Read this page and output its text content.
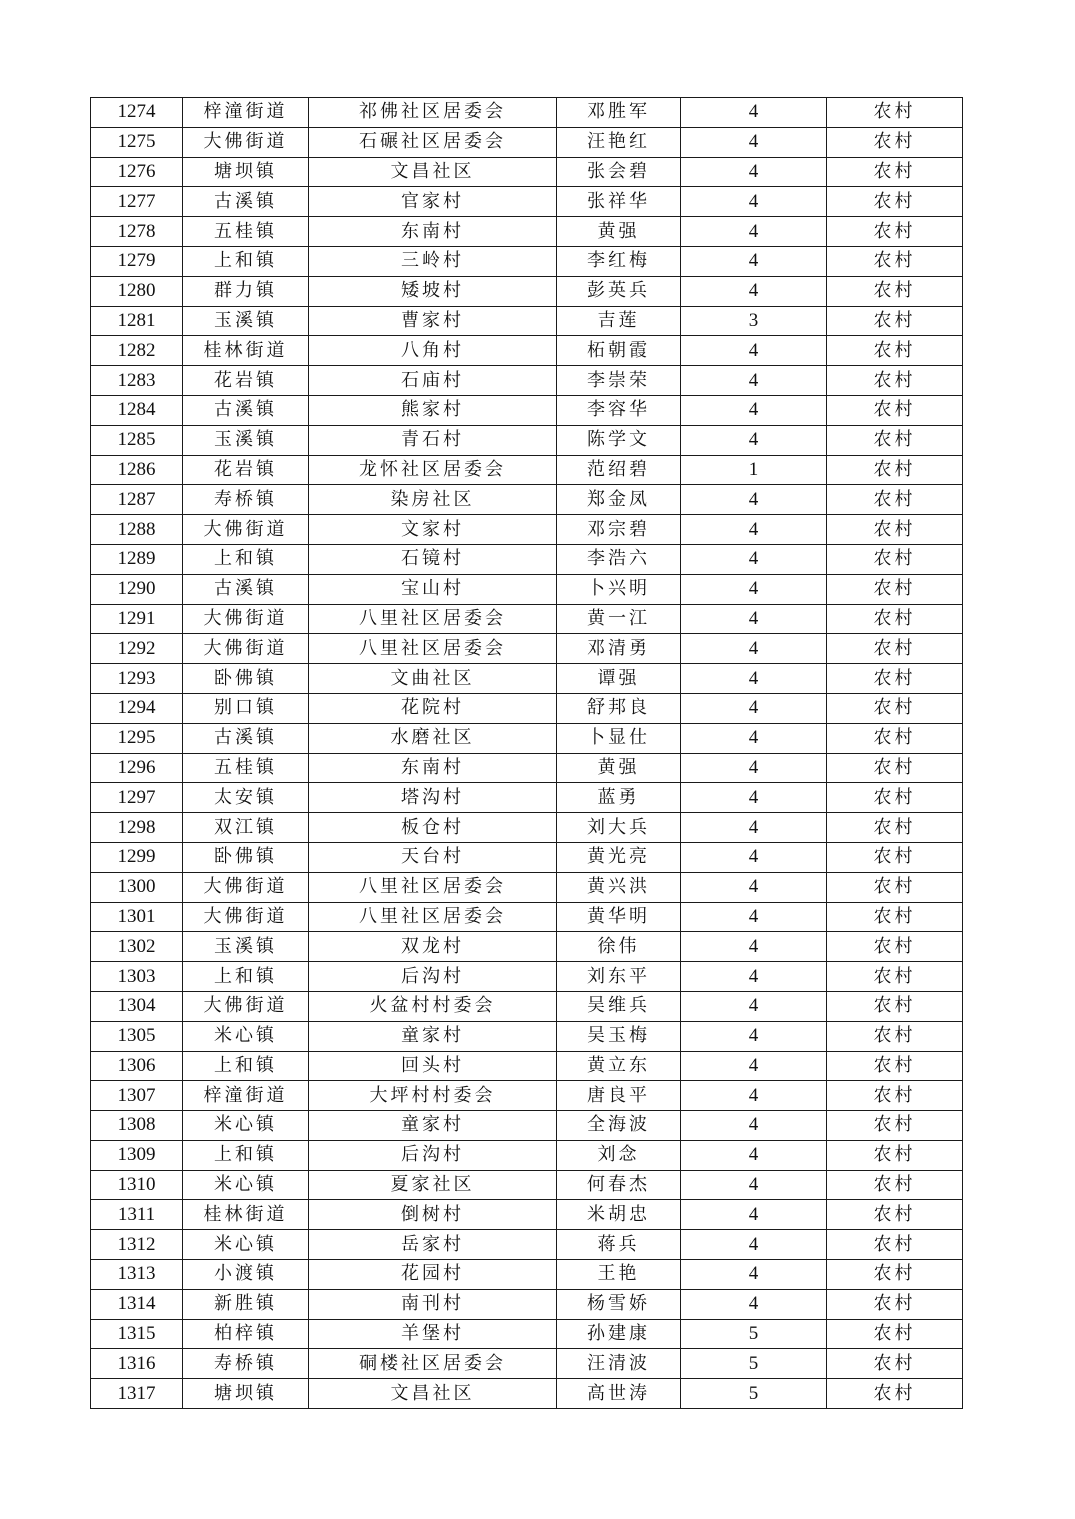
1274	梓潼街道	祁佛社区居委会	邓胜军	4	农村
1275	大佛街道	石碾社区居委会	汪艳红	4	农村
1276	塘坝镇	文昌社区	张会碧	4	农村
1277	古溪镇	官家村	张祥华	4	农村
1278	五桂镇	东南村	黄强	4	农村
1279	上和镇	三岭村	李红梅	4	农村
1280	群力镇	矮坡村	彭英兵	4	农村
1281	玉溪镇	曹家村	吉莲	3	农村
1282	桂林街道	八角村	柘朝霞	4	农村
1283	花岩镇	石庙村	李崇荣	4	农村
1284	古溪镇	熊家村	李容华	4	农村
1285	玉溪镇	青石村	陈学文	4	农村
1286	花岩镇	龙怀社区居委会	范绍碧	1	农村
1287	寿桥镇	染房社区	郑金凤	4	农村
1288	大佛街道	文家村	邓宗碧	4	农村
1289	上和镇	石镜村	李浩六	4	农村
1290	古溪镇	宝山村	卜兴明	4	农村
1291	大佛街道	八里社区居委会	黄一江	4	农村
1292	大佛街道	八里社区居委会	邓清勇	4	农村
1293	卧佛镇	文曲社区	谭强	4	农村
1294	别口镇	花院村	舒邦良	4	农村
1295	古溪镇	水磨社区	卜显仕	4	农村
1296	五桂镇	东南村	黄强	4	农村
1297	太安镇	塔沟村	蓝勇	4	农村
1298	双江镇	板仓村	刘大兵	4	农村
1299	卧佛镇	天台村	黄光亮	4	农村
1300	大佛街道	八里社区居委会	黄兴洪	4	农村
1301	大佛街道	八里社区居委会	黄华明	4	农村
1302	玉溪镇	双龙村	徐伟	4	农村
1303	上和镇	后沟村	刘东平	4	农村
1304	大佛街道	火盆村村委会	吴维兵	4	农村
1305	米心镇	童家村	吴玉梅	4	农村
1306	上和镇	回头村	黄立东	4	农村
1307	梓潼街道	大坪村村委会	唐良平	4	农村
1308	米心镇	童家村	全海波	4	农村
1309	上和镇	后沟村	刘念	4	农村
1310	米心镇	夏家社区	何春杰	4	农村
1311	桂林街道	倒树村	米胡忠	4	农村
1312	米心镇	岳家村	蒋兵	4	农村
1313	小渡镇	花园村	王艳	4	农村
1314	新胜镇	南刊村	杨雪娇	4	农村
1315	柏梓镇	羊堡村	孙建康	5	农村
1316	寿桥镇	硐楼社区居委会	汪清波	5	农村
1317	塘坝镇	文昌社区	高世涛	5	农村
